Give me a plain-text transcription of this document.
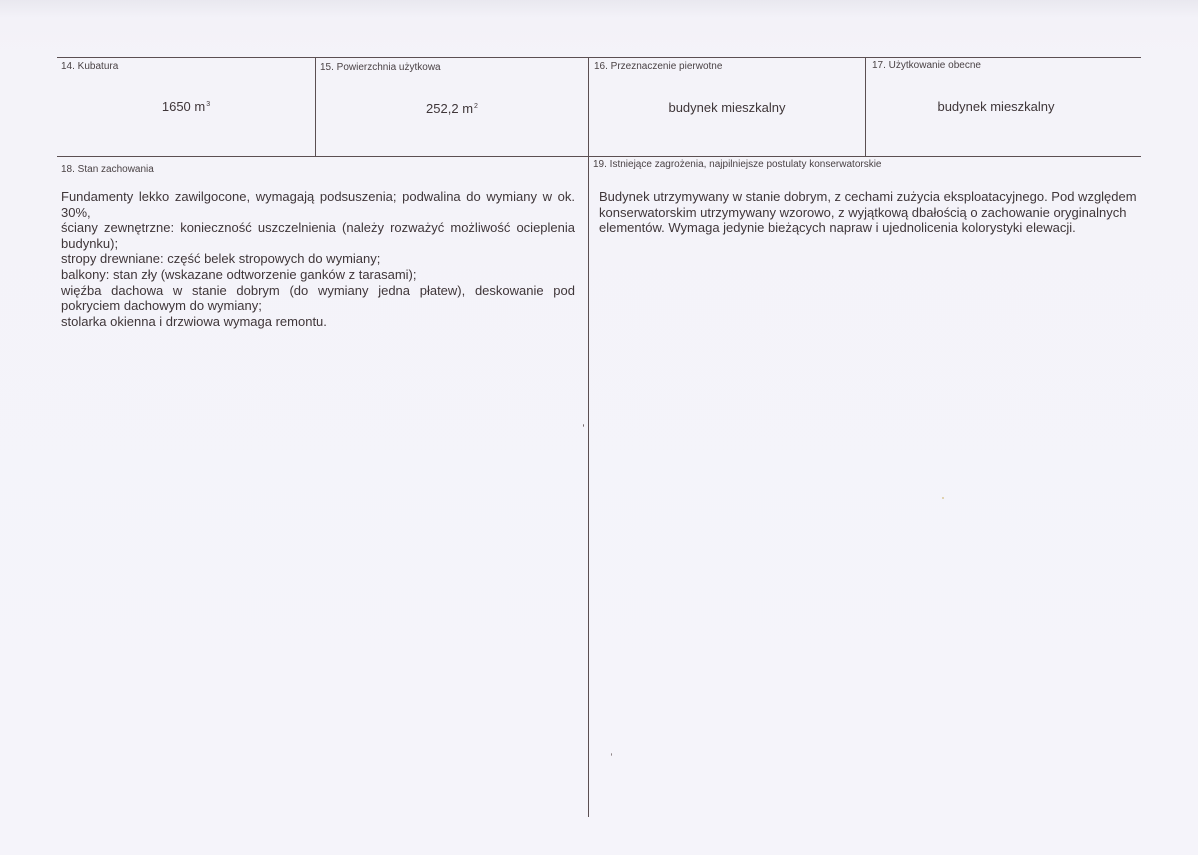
14. Kubatura
1650 $m^3$
15. Powierzchnia użytkowa
252,2 $m^2$
16. Przeznaczenie pierwotne
budynek mieszkalny
17. Użytkowanie obecne
budynek mieszkalny
18. Stan zachowania	19. Istniejące zagrożenia, najpilniejsze postulaty konserwatorskie

Fundamenty lekko zawilgocone, wymagają podsuszenia; podwalina do wymiany w ok. 30%,

ściany zewnętrzne: konieczność uszczelnienia (należy rozważyć możliwość ocieplenia budynku);

stropy drewniane: część belek stropowych do wymiany;

balkony: stan zły (wskazane odtworzenie ganków z tarasami);

więźba dachowa w stanie dobrym (do wymiany jedna płatew), deskowanie pod pokryciem dachowym do wymiany;

stolarka okienna i drzwiowa wymaga remontu.

Budynek utrzymywany w stanie dobrym, z cechami zużycia eksploatacyjnego. Pod względem konserwatorskim utrzymywany wzorowo, z wyjątkową dbałością o zachowanie oryginalnych elementów. Wymaga jedynie bieżących napraw i ujednolicenia kolorystyki elewacji.
